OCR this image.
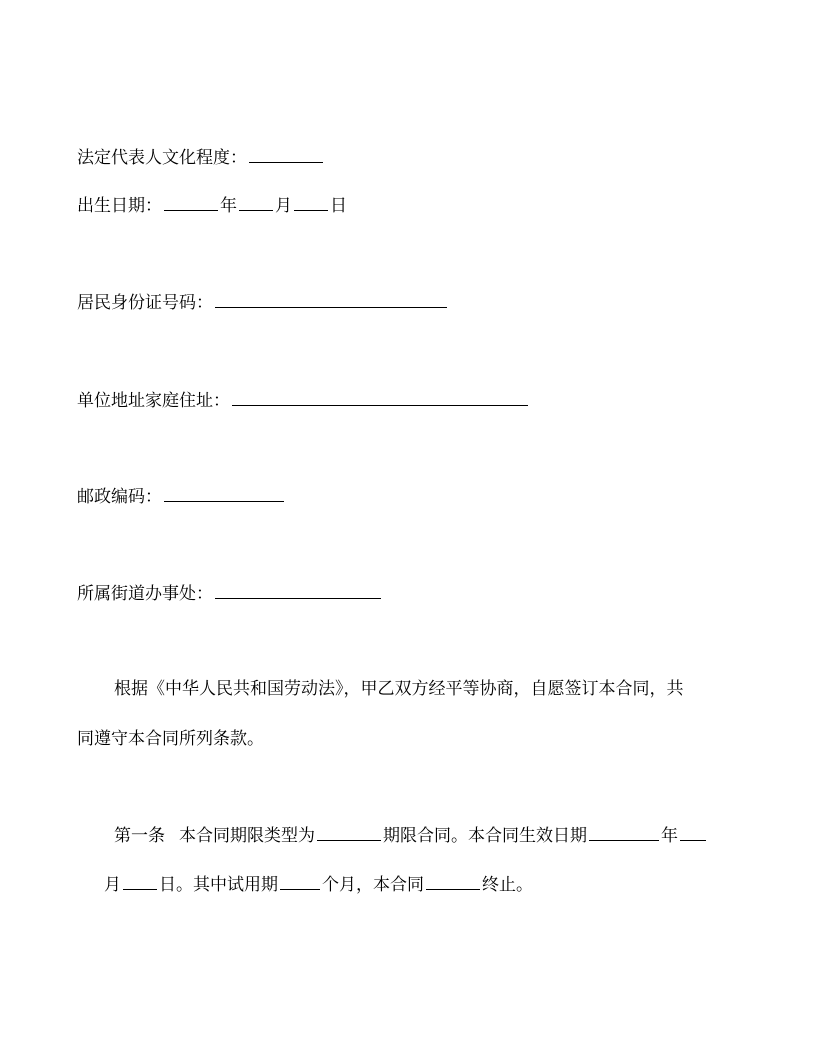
法定代表人文化程度：
出生日期：	年 月 日
居民身份证号码：
单位地址家庭住址：
邮政编码：
所属街道办事处：
根据《中华人民共和国劳动法》，甲乙双方经平等协商，自愿签订本合同，共
同遵守本合同所列条款。
第一条 本合同期限类型为	期限合同。本合同生效日期	年
月 日。其中试用期	个月，本合同	终止。
